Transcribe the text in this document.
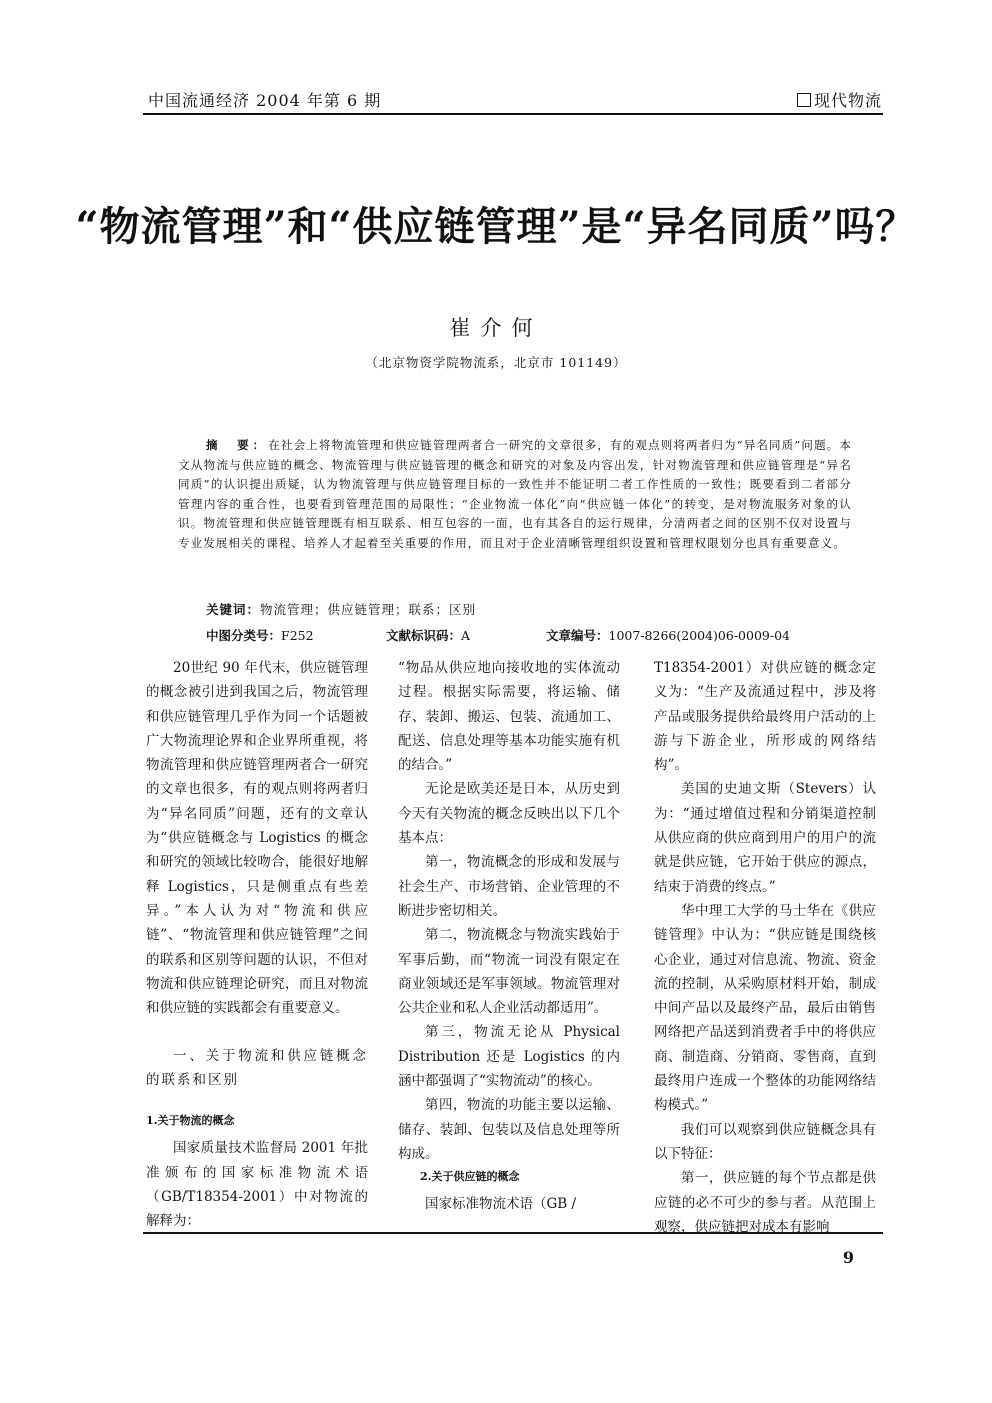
中国流通经济 2004 年第 6 期	现代物流
“物流管理”和“供应链管理”是“异名同质”吗？
崔介何
（北京物资学院物流系，北京市 101149）
摘　要：在社会上将物流管理和供应链管理两者合一研究的文章很多，有的观点则将两者归为“异名同质”问题。本文从物流与供应链的概念、物流管理与供应链管理的概念和研究的对象及内容出发，针对物流管理和供应链管理是“异名同质”的认识提出质疑，认为物流管理与供应链管理目标的一致性并不能证明二者工作性质的一致性；既要看到二者部分管理内容的重合性，也要看到管理范围的局限性；“企业物流一体化”向“供应链一体化”的转变，是对物流服务对象的认识。物流管理和供应链管理既有相互联系、相互包容的一面，也有其各自的运行规律，分清两者之间的区别不仅对设置与专业发展相关的课程、培养人才起着至关重要的作用，而且对于企业清晰管理组织设置和管理权限划分也具有重要意义。
关键词：物流管理；供应链管理；联系；区别
中图分类号：F252	文献标识码：A	文章编号：1007-8266(2004)06-0009-04

20世纪 90 年代末，供应链管理的概念被引进到我国之后，物流管理和供应链管理几乎作为同一个话题被广大物流理论界和企业界所重视，将物流管理和供应链管理两者合一研究的文章也很多，有的观点则将两者归为“异名同质”问题，还有的文章认为“供应链概念与 Logistics 的概念和研究的领域比较吻合，能很好地解释 Logistics，只是侧重点有些差异。”本人认为对“物流和供应链”、“物流管理和供应链管理”之间的联系和区别等问题的认识，不但对物流和供应链理论研究，而且对物流和供应链的实践都会有重要意义。

一、关于物流和供应链概念的联系和区别
1.关于物流的概念

国家质量技术监督局 2001 年批准颁布的国家标准物流术语（GB/T18354-2001）中对物流的解释为：

“物品从供应地向接收地的实体流动过程。根据实际需要，将运输、储存、装卸、搬运、包装、流通加工、配送、信息处理等基本功能实施有机的结合。”

无论是欧美还是日本，从历史到今天有关物流的概念反映出以下几个基本点：

第一，物流概念的形成和发展与社会生产、市场营销、企业管理的不断进步密切相关。

第二，物流概念与物流实践始于军事后勤，而“物流一词没有限定在商业领域还是军事领域。物流管理对公共企业和私人企业活动都适用”。

第三，物流无论从 Physical Distribution 还是 Logistics 的内涵中都强调了“实物流动”的核心。

第四，物流的功能主要以运输、储存、装卸、包装以及信息处理等所构成。

2.关于供应链的概念

国家标准物流术语（GB /

T18354-2001）对供应链的概念定义为：“生产及流通过程中，涉及将产品或服务提供给最终用户活动的上游与下游企业，所形成的网络结构”。

美国的史迪文斯（Stevers）认为：“通过增值过程和分销渠道控制从供应商的供应商到用户的用户的流就是供应链，它开始于供应的源点，结束于消费的终点。”

华中理工大学的马士华在《供应链管理》中认为：“供应链是围绕核心企业，通过对信息流、物流、资金流的控制，从采购原材料开始，制成中间产品以及最终产品，最后由销售网络把产品送到消费者手中的将供应商、制造商、分销商、零售商，直到最终用户连成一个整体的功能网络结构模式。”

我们可以观察到供应链概念具有以下特征：

第一，供应链的每个节点都是供应链的必不可少的参与者。从范围上观察，供应链把对成本有影响

9
